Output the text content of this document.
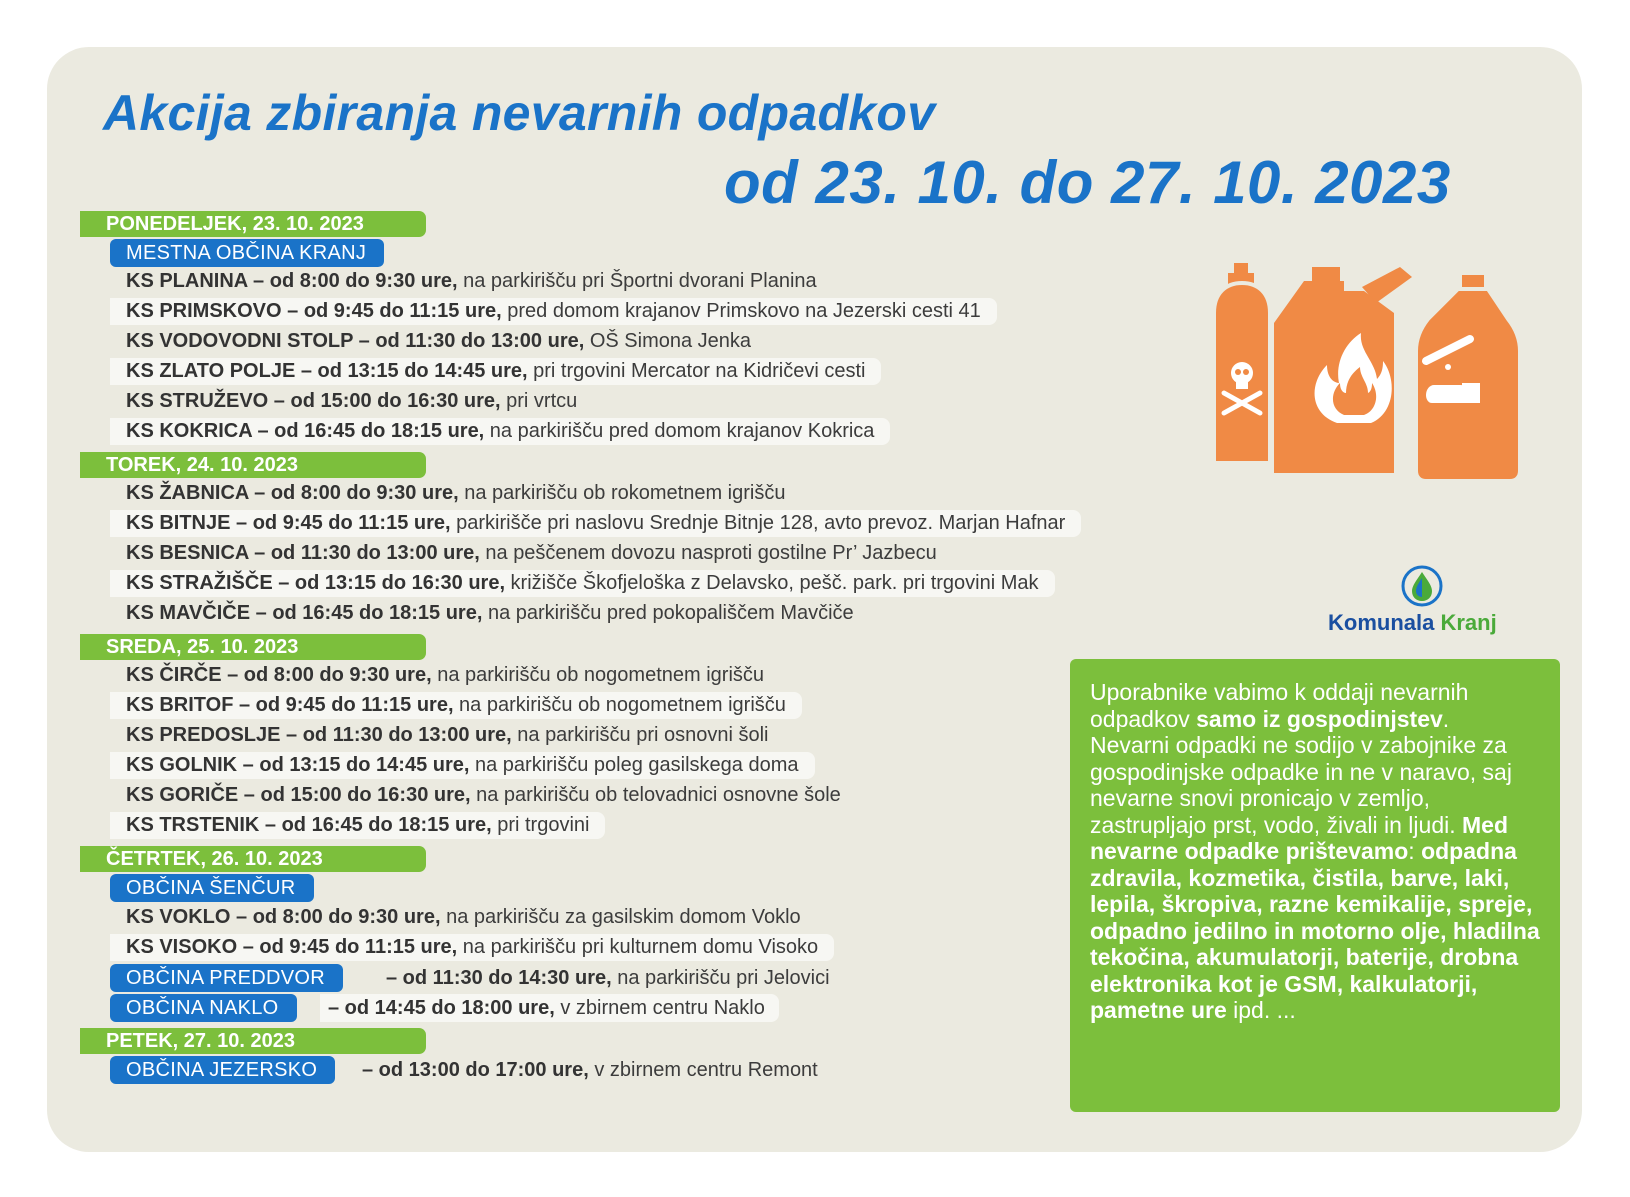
Akcija zbiranja nevarnih odpadkov
od 23. 10. do 27. 10. 2023
PONEDELJEK, 23. 10. 2023
MESTNA OBČINA KRANJ
KS PLANINA – od 8:00 do 9:30 ure, na parkirišču pri Športni dvorani Planina
KS PRIMSKOVO – od 9:45 do 11:15 ure, pred domom krajanov Primskovo na Jezerski cesti 41
KS VODOVODNI STOLP – od 11:30 do 13:00 ure, OŠ Simona Jenka
KS ZLATO POLJE – od 13:15 do 14:45 ure, pri trgovini Mercator na Kidričevi cesti
KS STRUŽEVO – od 15:00 do 16:30 ure, pri vrtcu
KS KOKRICA – od 16:45 do 18:15 ure, na parkirišču pred domom krajanov Kokrica
TOREK, 24. 10. 2023
KS ŽABNICA – od 8:00 do 9:30 ure, na parkirišču ob rokometnem igrišču
KS BITNJE – od 9:45 do 11:15 ure, parkirišče pri naslovu Srednje Bitnje 128, avto prevoz. Marjan Hafnar
KS BESNICA – od 11:30 do 13:00 ure, na peščenem dovozu nasproti gostilne Pr’ Jazbecu
KS STRAŽIŠČE – od 13:15 do 16:30 ure, križišče Škofjeloška z Delavsko, pešč. park. pri trgovini Mak
KS MAVČIČE – od 16:45 do 18:15 ure, na parkirišču pred pokopališčem Mavčiče
SREDA, 25. 10. 2023
KS ČIRČE – od 8:00 do 9:30 ure, na parkirišču ob nogometnem igrišču
KS BRITOF – od 9:45 do 11:15 ure, na parkirišču ob nogometnem igrišču
KS PREDOSLJE – od 11:30 do 13:00 ure, na parkirišču pri osnovni šoli
KS GOLNIK – od 13:15 do 14:45 ure, na parkirišču poleg gasilskega doma
KS GORIČE – od 15:00 do 16:30 ure, na parkirišču ob telovadnici osnovne šole
KS TRSTENIK – od 16:45 do 18:15 ure, pri trgovini
ČETRTEK, 26. 10. 2023
OBČINA ŠENČUR
KS VOKLO – od 8:00 do 9:30 ure, na parkirišču za gasilskim domom Voklo
KS VISOKO – od 9:45 do 11:15 ure, na parkirišču pri kulturnem domu Visoko
OBČINA PREDDVOR	– od 11:30 do 14:30 ure, na parkirišču pri Jelovici
OBČINA NAKLO	– od 14:45 do 18:00 ure, v zbirnem centru Naklo
PETEK, 27. 10. 2023
OBČINA JEZERSKO	– od 13:00 do 17:00 ure, v zbirnem centru Remont
Komunala Kranj
Uporabnike vabimo k oddaji nevarnih odpadkov samo iz gospodinjstev.
Nevarni odpadki ne sodijo v zabojnike za gospodinjske odpadke in ne v naravo, saj nevarne snovi pronicajo v zemljo, zastrupljajo prst, vodo, živali in ljudi. Med nevarne odpadke prištevamo: odpadna zdravila, kozmetika, čistila, barve, laki, lepila, škropiva, razne kemikalije, spreje, odpadno jedilno in motorno olje, hladilna tekočina, akumulatorji, baterije, drobna elektronika kot je GSM, kalkulatorji, pametne ure ipd. ...
